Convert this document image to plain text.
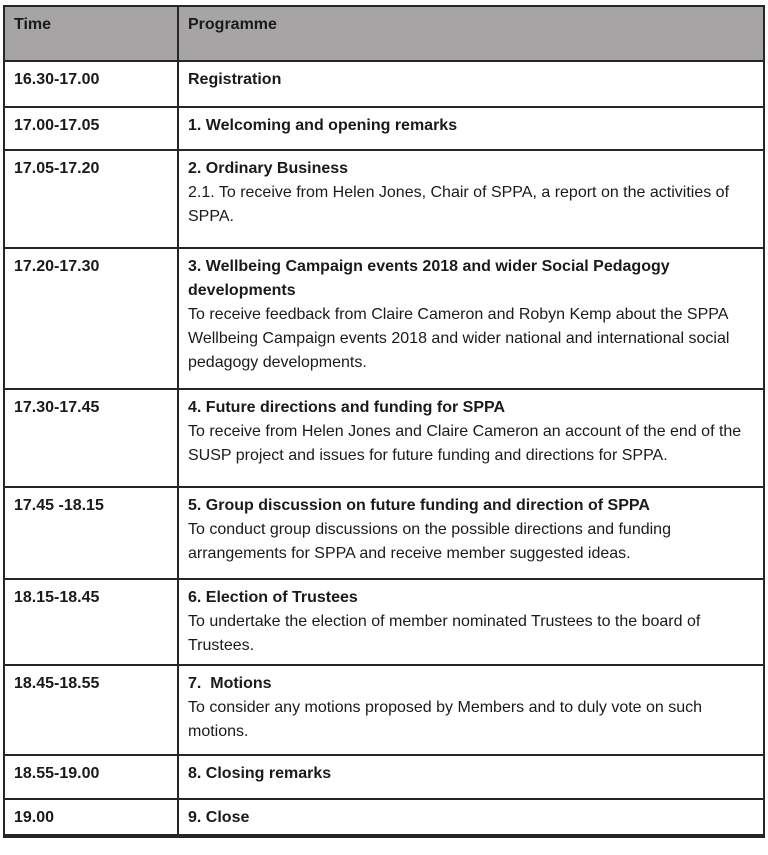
Time	Programme
16.30-17.00	Registration

17.00-17.05	1. Welcoming and opening remarks

17.05-17.20	2. Ordinary Business
2.1. To receive from Helen Jones, Chair of SPPA, a report on the activities of SPPA.

17.20-17.30	3. Wellbeing Campaign events 2018 and wider Social Pedagogy developments
To receive feedback from Claire Cameron and Robyn Kemp about the SPPA Wellbeing Campaign events 2018 and wider national and international social pedagogy developments.

17.30-17.45	4. Future directions and funding for SPPA
To receive from Helen Jones and Claire Cameron an account of the end of the SUSP project and issues for future funding and directions for SPPA.

17.45 -18.15	5. Group discussion on future funding and direction of SPPA
To conduct group discussions on the possible directions and funding arrangements for SPPA and receive member suggested ideas.

18.15-18.45	6. Election of Trustees
To undertake the election of member nominated Trustees to the board of Trustees.

18.45-18.55	7.  Motions
To consider any motions proposed by Members and to duly vote on such motions.

18.55-19.00	8. Closing remarks

19.00	9. Close
